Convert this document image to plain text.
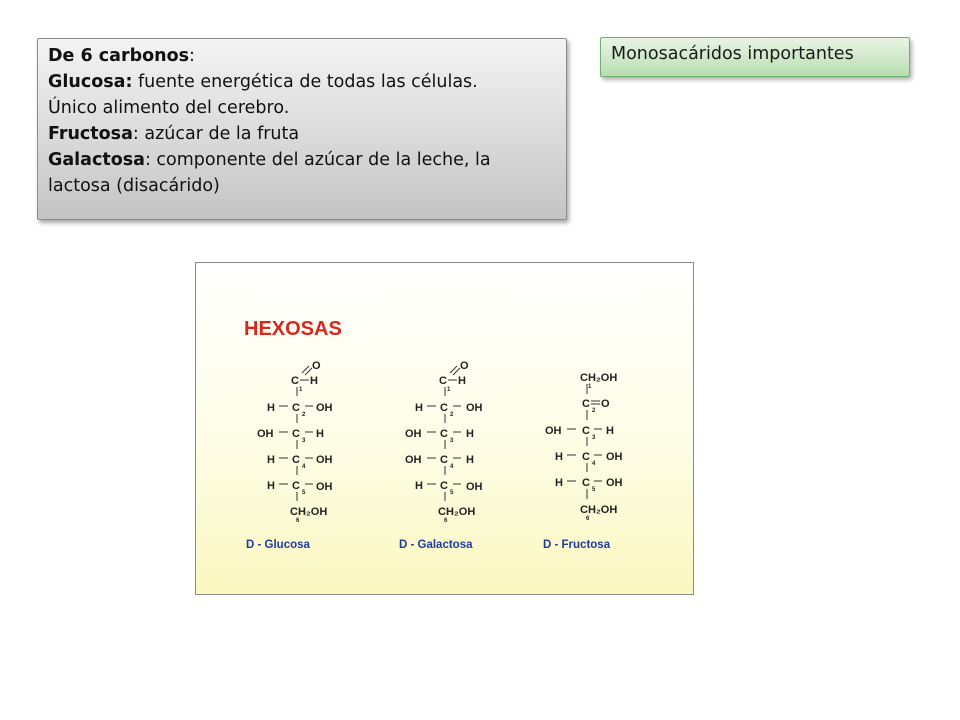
De 6 carbonos:
Glucosa: fuente energética de todas las células.
Único alimento del cerebro.
Fructosa: azúcar de la fruta
Galactosa: componente del azúcar de la leche, la
lactosa (disacárido)
Monosacáridos importantes
HEXOSAS
O
C H
1
H C OH
2
OH C H
3
H C OH
4
H C OH
5
CH₂OH
6
D - Glucosa
O
C H
1
H C OH
2
OH C H
3
OH C H
4
H C OH
5
CH₂OH
6
D - Galactosa
CH₂OH
1
C O
2
OH C H
3
H C OH
4
H C OH
5
CH₂OH
6
D - Fructosa
